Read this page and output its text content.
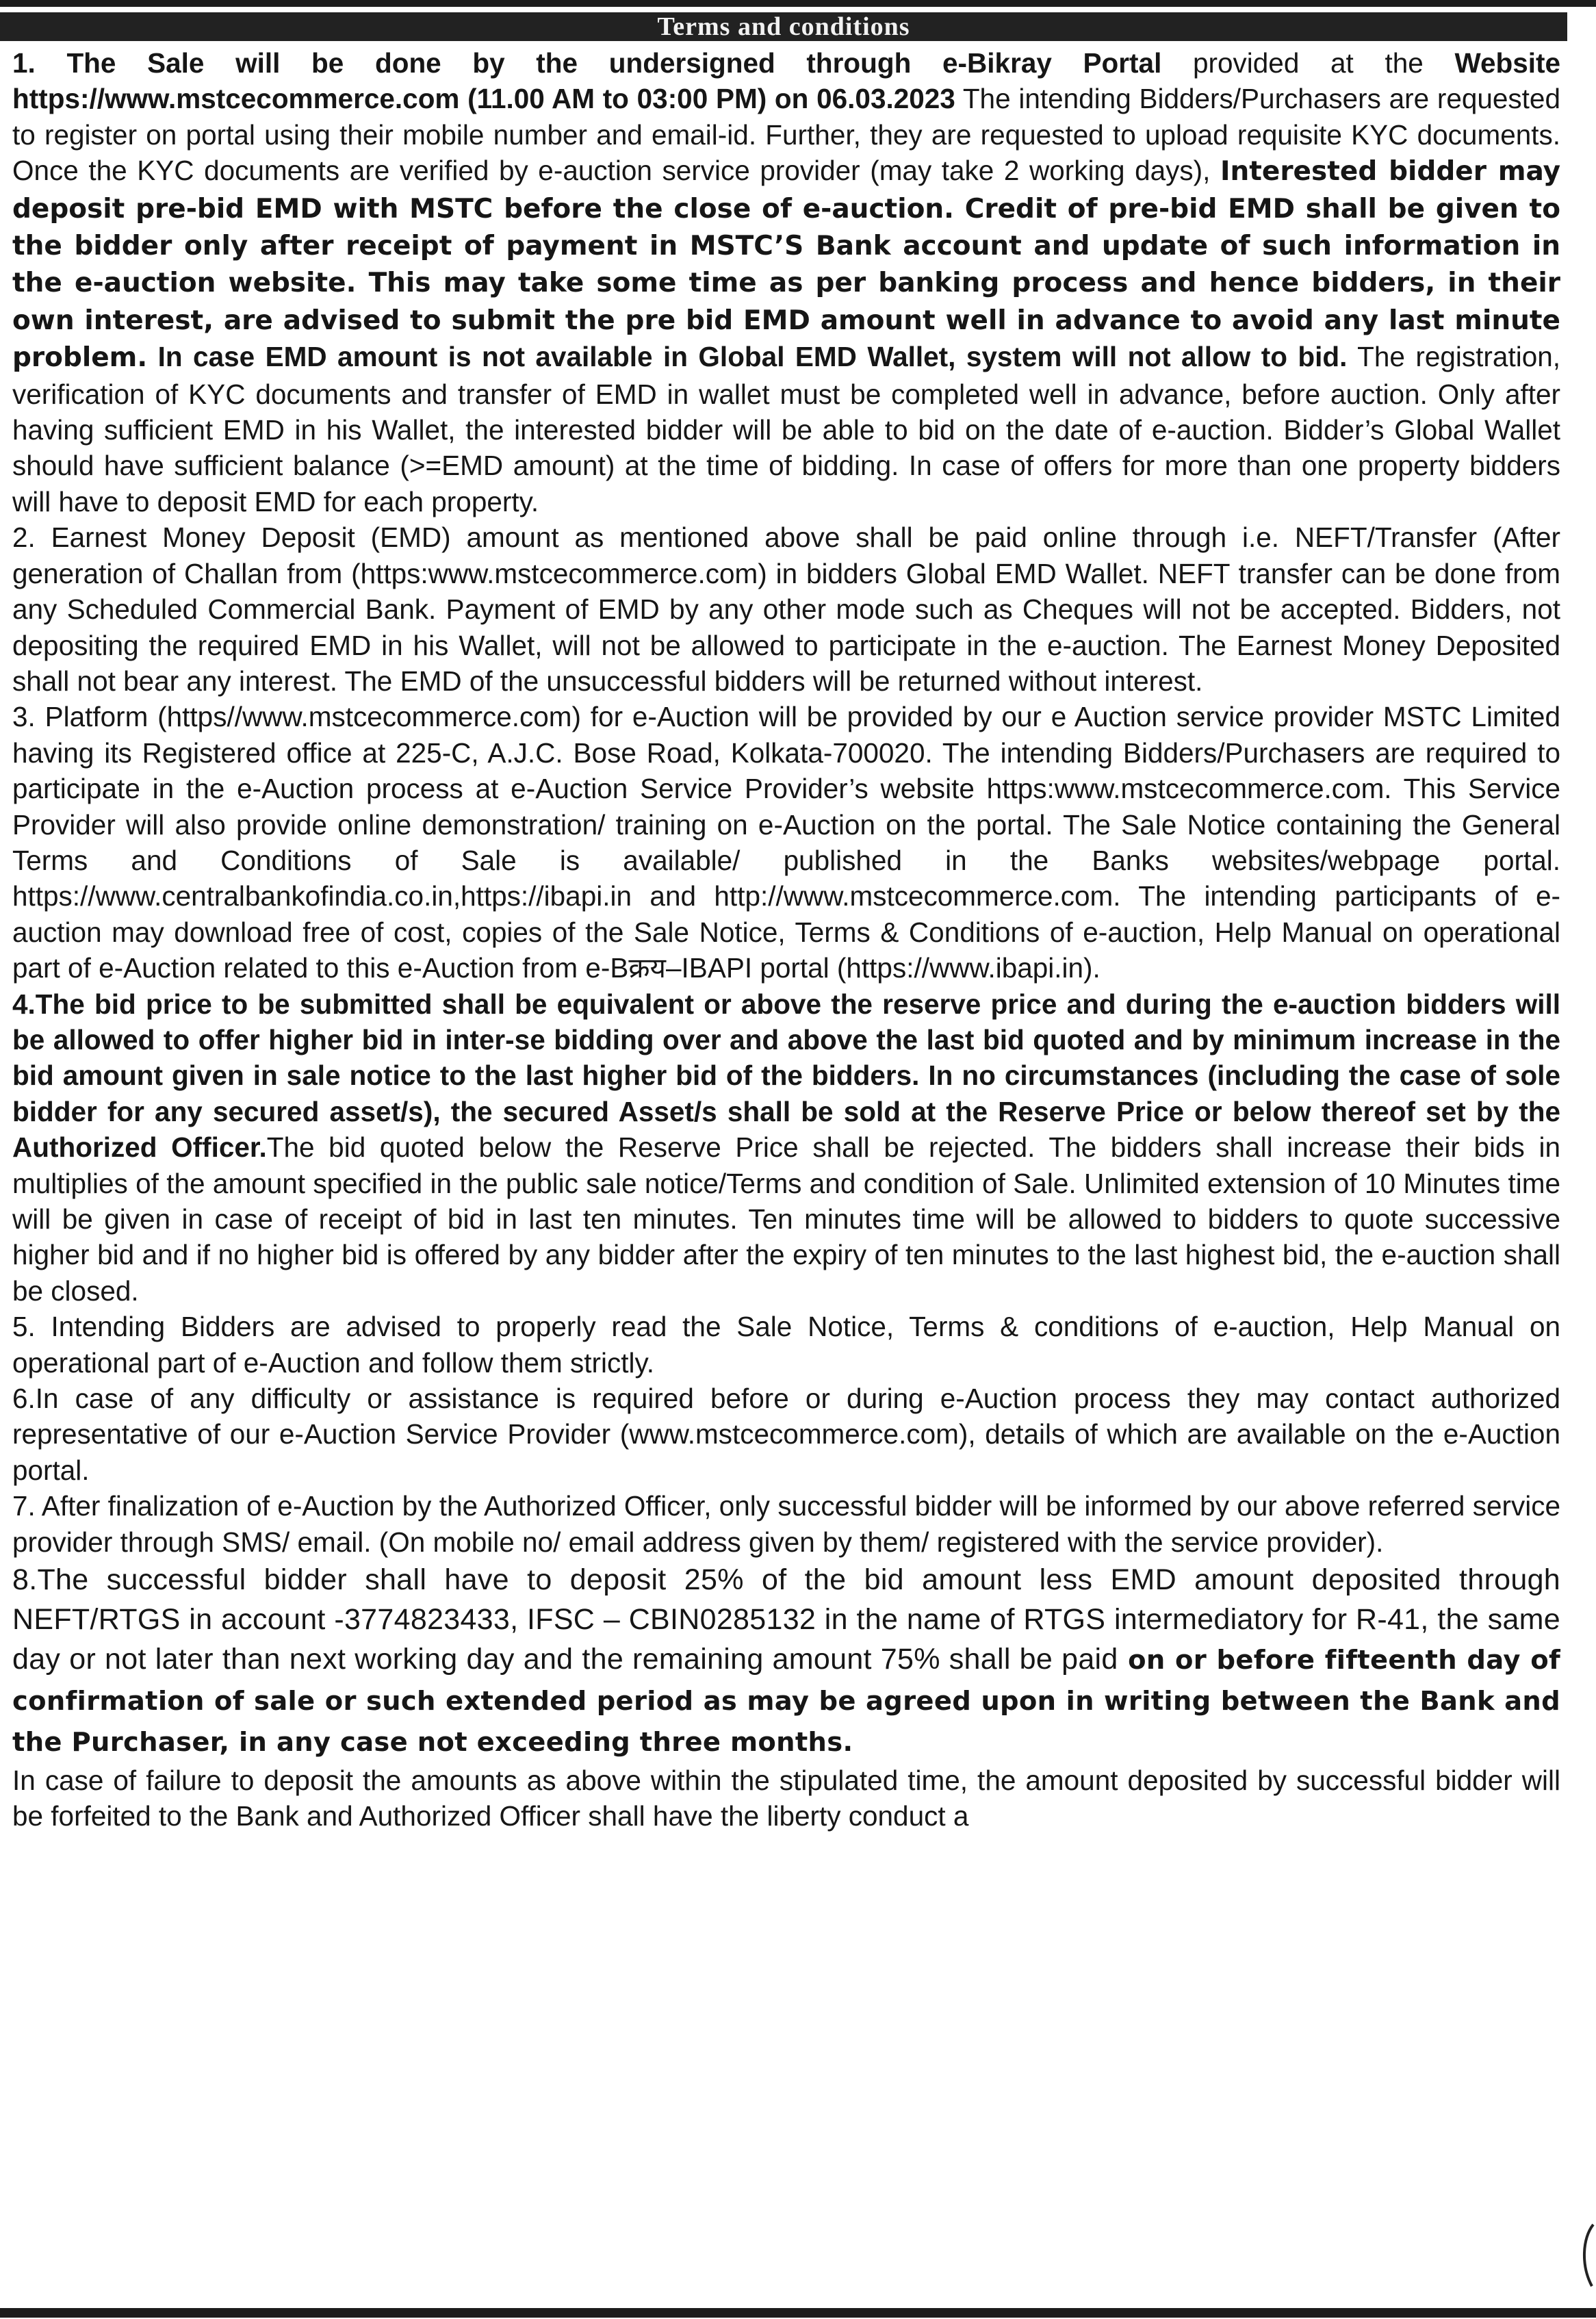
Terms and conditions

1. The Sale will be done by the undersigned through e-Bikray Portal provided at the Website https://www.mstcecommerce.com (11.00 AM to 03:00 PM) on 06.03.2023 The intending Bidders/Purchasers are requested to register on portal using their mobile number and email-id. Further, they are requested to upload requisite KYC documents. Once the KYC documents are verified by e-auction service provider (may take 2 working days), Interested bidder may deposit pre-bid EMD with MSTC before the close of e-auction. Credit of pre-bid EMD shall be given to the bidder only after receipt of payment in MSTC’S Bank account and update of such information in the e-auction website. This may take some time as per banking process and hence bidders, in their own interest, are advised to submit the pre bid EMD amount well in advance to avoid any last minute problem. In case EMD amount is not available in Global EMD Wallet, system will not allow to bid. The registration, verification of KYC documents and transfer of EMD in wallet must be completed well in advance, before auction. Only after having sufficient EMD in his Wallet, the interested bidder will be able to bid on the date of e-auction. Bidder’s Global Wallet should have sufficient balance (>=EMD amount) at the time of bidding. In case of offers for more than one property bidders will have to deposit EMD for each property.

2. Earnest Money Deposit (EMD) amount as mentioned above shall be paid online through i.e. NEFT/Transfer (After generation of Challan from (https:www.mstcecommerce.com) in bidders Global EMD Wallet. NEFT transfer can be done from any Scheduled Commercial Bank. Payment of EMD by any other mode such as Cheques will not be accepted. Bidders, not depositing the required EMD in his Wallet, will not be allowed to participate in the e-auction. The Earnest Money Deposited shall not bear any interest. The EMD of the unsuccessful bidders will be returned without interest.

3. Platform (https//www.mstcecommerce.com) for e-Auction will be provided by our e Auction service provider MSTC Limited having its Registered office at 225-C, A.J.C. Bose Road, Kolkata-700020. The intending Bidders/Purchasers are required to participate in the e-Auction process at e-Auction Service Provider’s website https:www.mstcecommerce.com. This Service Provider will also provide online demonstration/ training on e-Auction on the portal. The Sale Notice containing the General Terms and Conditions of Sale is available/ published in the Banks websites/webpage portal. https://www.centralbankofindia.co.in,https://ibapi.in and http://www.mstcecommerce.com. The intending participants of e- auction may download free of cost, copies of the Sale Notice, Terms & Conditions of e-auction, Help Manual on operational part of e-Auction related to this e-Auction from e-Bक्रय–IBAPI portal (https://www.ibapi.in).

4.The bid price to be submitted shall be equivalent or above the reserve price and during the e-auction bidders will be allowed to offer higher bid in inter-se bidding over and above the last bid quoted and by minimum increase in the bid amount given in sale notice to the last higher bid of the bidders. In no circumstances (including the case of sole bidder for any secured asset/s), the secured Asset/s shall be sold at the Reserve Price or below thereof set by the Authorized Officer.The bid quoted below the Reserve Price shall be rejected. The bidders shall increase their bids in multiplies of the amount specified in the public sale notice/Terms and condition of Sale. Unlimited extension of 10 Minutes time will be given in case of receipt of bid in last ten minutes. Ten minutes time will be allowed to bidders to quote successive higher bid and if no higher bid is offered by any bidder after the expiry of ten minutes to the last highest bid, the e-auction shall be closed.

5. Intending Bidders are advised to properly read the Sale Notice, Terms & conditions of e-auction, Help Manual on operational part of e-Auction and follow them strictly.

6.In case of any difficulty or assistance is required before or during e-Auction process they may contact authorized representative of our e-Auction Service Provider (www.mstcecommerce.com), details of which are available on the e-Auction portal.

7. After finalization of e-Auction by the Authorized Officer, only successful bidder will be informed by our above referred service provider through SMS/ email. (On mobile no/ email address given by them/ registered with the service provider).

8.The successful bidder shall have to deposit 25% of the bid amount less EMD amount deposited through NEFT/RTGS in account -3774823433, IFSC – CBIN0285132 in the name of RTGS intermediatory for R-41, the same day or not later than next working day and the remaining amount 75% shall be paid on or before fifteenth day of confirmation of sale or such extended period as may be agreed upon in writing between the Bank and the Purchaser, in any case not exceeding three months.

In case of failure to deposit the amounts as above within the stipulated time, the amount deposited by successful bidder will be forfeited to the Bank and Authorized Officer shall have the liberty conduct a
